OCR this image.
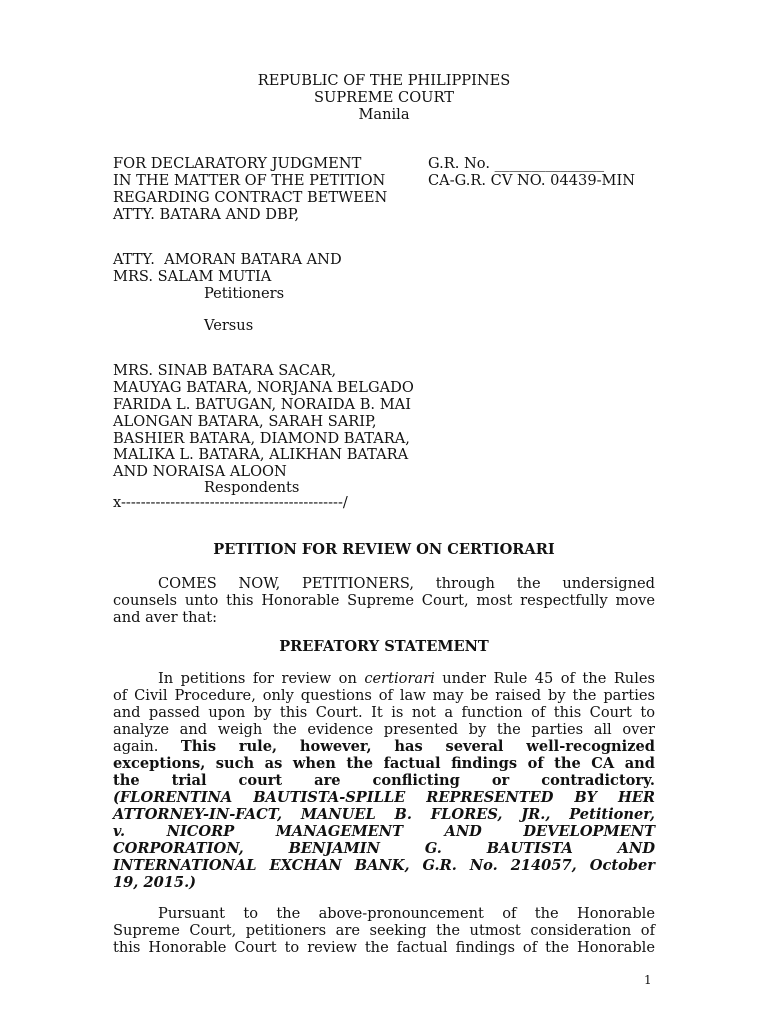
REPUBLIC OF THE PHILIPPINES

SUPREME COURT

Manila

FOR DECLARATORY JUDGMENT

IN THE MATTER OF THE PETITION

REGARDING CONTRACT BETWEEN

ATTY. BATARA AND DBP,

G.R. No. _______________

CA-G.R. CV NO. 04439-MIN

ATTY.  AMORAN BATARA AND

MRS. SALAM MUTIA

Petitioners

Versus

MRS. SINAB BATARA SACAR,

MAUYAG BATARA, NORJANA BELGADO

FARIDA L. BATUGAN, NORAIDA B. MAI

ALONGAN BATARA, SARAH SARIP,

BASHIER BATARA, DIAMOND BATARA,

MALIKA L. BATARA, ALIKHAN BATARA

AND NORAISA ALOON

Respondents

x---------------------------------------------/

PETITION FOR REVIEW ON CERTIORARI

COMES NOW, PETITIONERS, through the undersigned

counsels unto this Honorable Supreme Court, most respectfully move

and aver that:

PREFATORY STATEMENT

In petitions for review on certiorari under Rule 45 of the Rules

of Civil Procedure, only questions of law may be raised by the parties

and passed upon by this Court. It is not a function of this Court to

analyze and weigh the evidence presented by the parties all over

again. This rule, however, has several well-recognized

exceptions, such as when the factual findings of the CA and

the trial court are conflicting or contradictory.

(FLORENTINA BAUTISTA-SPILLE REPRESENTED BY HER

ATTORNEY-IN-FACT, MANUEL B. FLORES, JR., Petitioner,

v. NICORP MANAGEMENT AND DEVELOPMENT

CORPORATION, BENJAMIN G. BAUTISTA AND

INTERNATIONAL EXCHAN BANK, G.R. No. 214057, October

19, 2015.)

Pursuant to the above-pronouncement of the Honorable

Supreme Court, petitioners are seeking the utmost consideration of

this Honorable Court to review the factual findings of the Honorable

1
